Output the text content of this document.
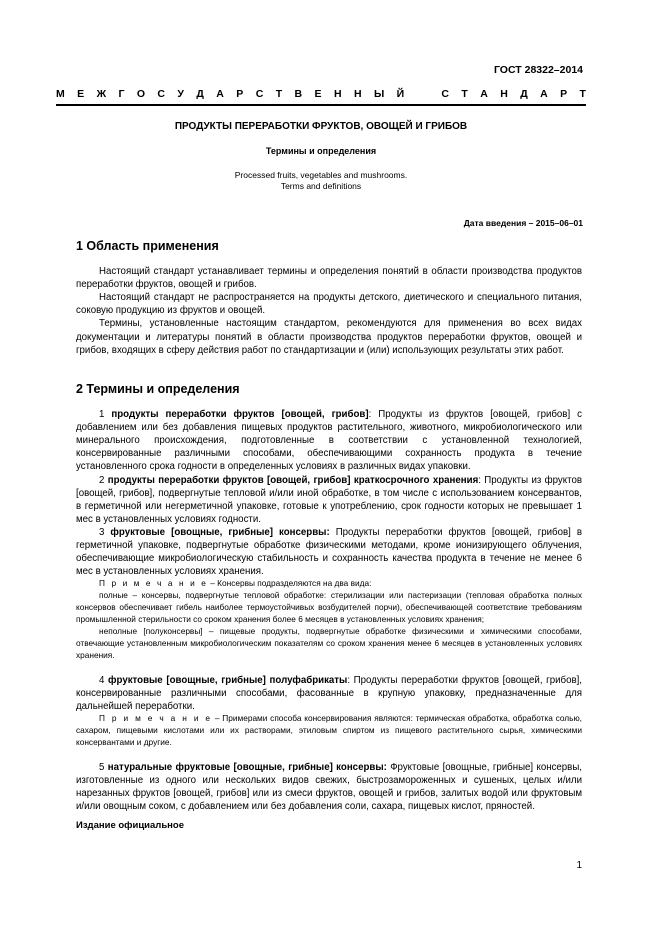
ГОСТ 28322–2014
М Е Ж Г О С У Д А Р С Т В Е Н Н Ы Й	С Т А Н Д А Р Т
ПРОДУКТЫ ПЕРЕРАБОТКИ ФРУКТОВ, ОВОЩЕЙ И ГРИБОВ
Термины и определения
Processed fruits, vegetables and mushrooms.
Terms and definitions
Дата введения – 2015–06–01
1 Область применения

Настоящий стандарт устанавливает термины и определения понятий в области производства продуктов переработки фруктов, овощей и грибов.

Настоящий стандарт не распространяется на продукты детского, диетического и специального питания, соковую продукцию из фруктов и овощей.

Термины, установленные настоящим стандартом, рекомендуются для применения во всех видах документации и литературы понятий в области производства продуктов переработки фруктов, овощей и грибов, входящих в сферу действия работ по стандартизации и (или) использующих результаты этих работ.

2 Термины и определения

1 продукты переработки фруктов [овощей, грибов]: Продукты из фруктов [овощей, грибов] с добавлением или без добавления пищевых продуктов растительного, животного, микробиологического или минерального происхождения, подготовленные в соответствии с установленной технологией, консервированные различными способами, обеспечивающими сохранность продукта в течение установленного срока годности в определенных условиях в различных видах упаковки.

2 продукты переработки фруктов [овощей, грибов] краткосрочного хранения: Продукты из фруктов [овощей, грибов], подвергнутые тепловой и/или иной обработке, в том числе с использованием консервантов, в герметичной или негерметичной упаковке, готовые к употреблению, срок годности которых не превышает 1 мес в установленных условиях годности.

3 фруктовые [овощные, грибные] консервы: Продукты переработки фруктов [овощей, грибов] в герметичной упаковке, подвергнутые обработке физическими методами, кроме ионизирующего облучения, обеспечивающие микробиологическую стабильность и сохранность качества продукта в течение не менее 6 мес в установленных условиях хранения.

П р и м е ч а н и е – Консервы подразделяются на два вида:

полные – консервы, подвергнутые тепловой обработке: стерилизации или пастеризации (тепловая обработка полных консервов обеспечивает гибель наиболее термоустойчивых возбудителей порчи), обеспечивающей соответствие требованиям промышленной стерильности со сроком хранения более 6 месяцев в установленных условиях хранения;

неполные [полуконсервы] – пищевые продукты, подвергнутые обработке физическими и химическими способами, отвечающие установленным микробиологическим показателям со сроком хранения менее 6 месяцев в установленных условиях хранения.

4 фруктовые [овощные, грибные] полуфабрикаты: Продукты переработки фруктов [овощей, грибов], консервированные различными способами, фасованные в крупную упаковку, предназначенные для дальнейшей переработки.

П р и м е ч а н и е – Примерами способа консервирования являются: термическая обработка, обработка солью, сахаром, пищевыми кислотами или их растворами, этиловым спиртом из пищевого растительного сырья, химическими консервантами и другие.

5 натуральные фруктовые [овощные, грибные] консервы: Фруктовые [овощные, грибные] консервы, изготовленные из одного или нескольких видов свежих, быстрозамороженных и сушеных, целых и/или нарезанных фруктов [овощей, грибов] или из смеси фруктов, овощей и грибов, залитых водой или фруктовым и/или овощным соком, с добавлением или без добавления соли, сахара, пищевых кислот, пряностей.

Издание официальное
1
